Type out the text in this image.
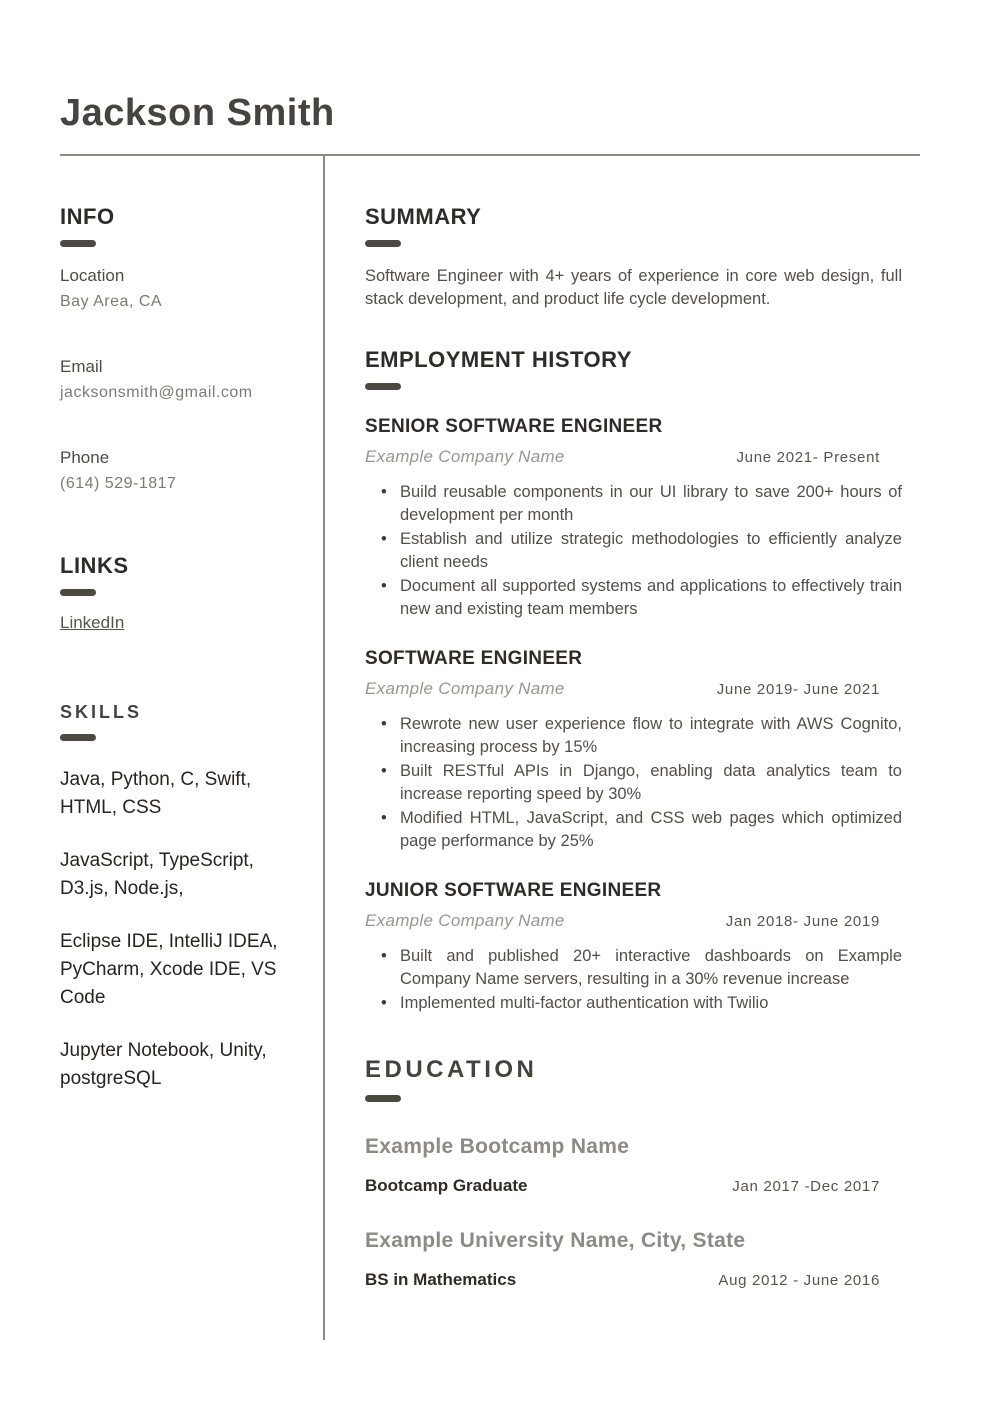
Jackson Smith
INFO
Location
Bay Area, CA
Email
jacksonsmith@gmail.com
Phone
(614) 529-1817
LINKS
LinkedIn
SKILLS
Java, Python, C, Swift, HTML, CSS
JavaScript, TypeScript, D3.js, Node.js,
Eclipse IDE, IntelliJ IDEA, PyCharm, Xcode IDE, VS Code
Jupyter Notebook, Unity, postgreSQL
SUMMARY
Software Engineer with 4+ years of experience in core web design, full stack development, and product life cycle development.
EMPLOYMENT HISTORY
SENIOR SOFTWARE ENGINEER
Example Company Name	June 2021- Present
• Build reusable components in our UI library to save 200+ hours of development per month
• Establish and utilize strategic methodologies to efficiently analyze client needs
• Document all supported systems and applications to effectively train new and existing team members
SOFTWARE ENGINEER
Example Company Name	June 2019- June 2021
• Rewrote new user experience flow to integrate with AWS Cognito, increasing process by 15%
• Built RESTful APIs in Django, enabling data analytics team to increase reporting speed by 30%
• Modified HTML, JavaScript, and CSS web pages which optimized page performance by 25%
JUNIOR SOFTWARE ENGINEER
Example Company Name	Jan 2018- June 2019
• Built and published 20+ interactive dashboards on Example Company Name servers, resulting in a 30% revenue increase
• Implemented multi-factor authentication with Twilio
EDUCATION
Example Bootcamp Name
Bootcamp Graduate	Jan 2017 -Dec 2017
Example University Name, City, State
BS in Mathematics	Aug 2012 - June 2016
